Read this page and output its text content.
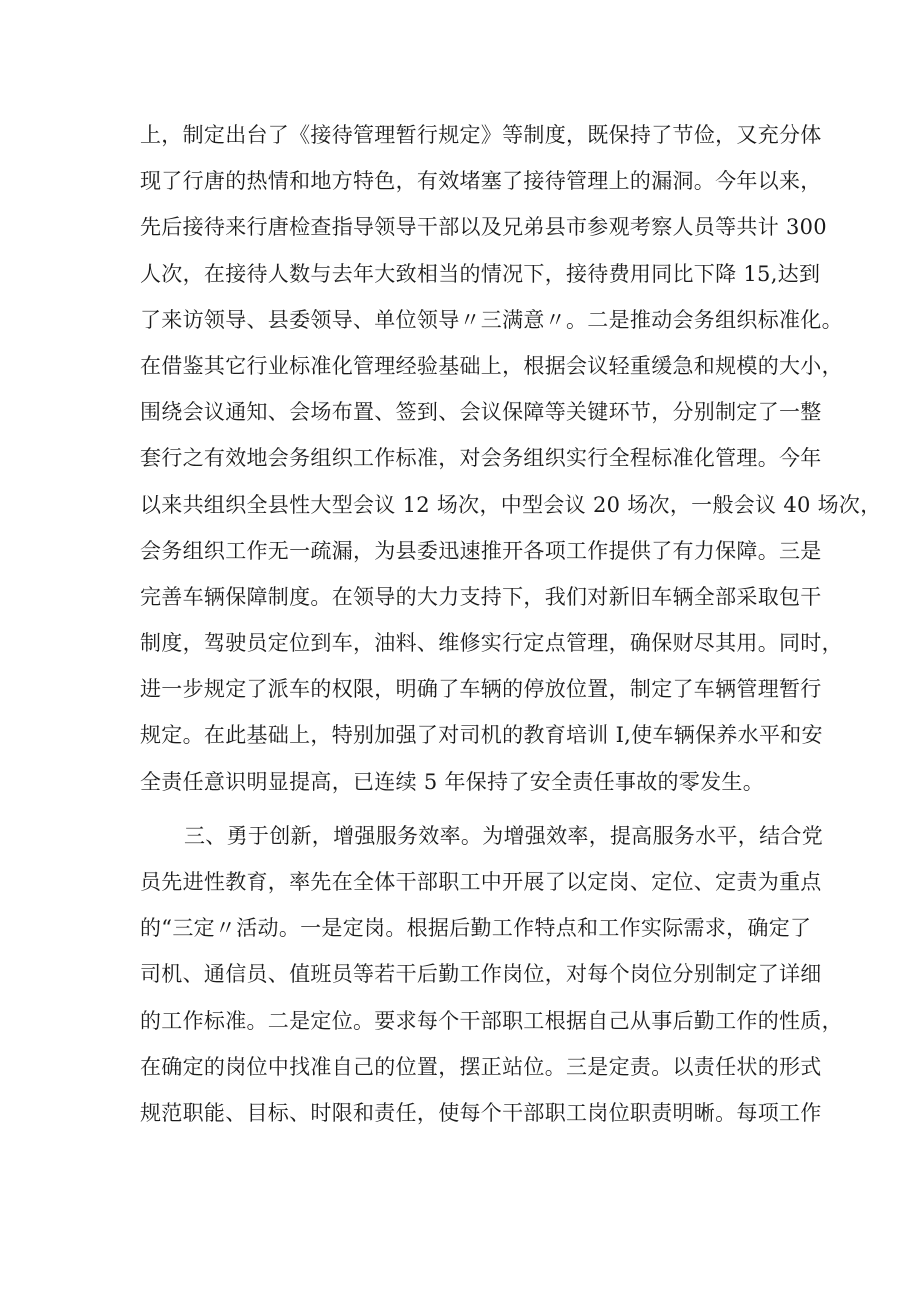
上，制定出台了《接待管理暂行规定》等制度，既保持了节俭，又充分体
现了行唐的热情和地方特色，有效堵塞了接待管理上的漏洞。今年以来，
先后接待来行唐检查指导领导干部以及兄弟县市参观考察人员等共计 300
人次，在接待人数与去年大致相当的情况下，接待费用同比下降 15,达到
了来访领导、县委领导、单位领导〃三满意〃。二是推动会务组织标准化。
在借鉴其它行业标准化管理经验基础上，根据会议轻重缓急和规模的大小，
围绕会议通知、会场布置、签到、会议保障等关键环节，分别制定了一整
套行之有效地会务组织工作标准，对会务组织实行全程标准化管理。今年
以来共组织全县性大型会议 12 场次，中型会议 20 场次，一般会议 40 场次，
会务组织工作无一疏漏，为县委迅速推开各项工作提供了有力保障。三是
完善车辆保障制度。在领导的大力支持下，我们对新旧车辆全部采取包干
制度，驾驶员定位到车，油料、维修实行定点管理，确保财尽其用。同时，
进一步规定了派车的权限，明确了车辆的停放位置，制定了车辆管理暂行
规定。在此基础上，特别加强了对司机的教育培训 I,使车辆保养水平和安
全责任意识明显提高，已连续 5 年保持了安全责任事故的零发生。
三、勇于创新，增强服务效率。为增强效率，提高服务水平，结合党
员先进性教育，率先在全体干部职工中开展了以定岗、定位、定责为重点
的“三定〃活动。一是定岗。根据后勤工作特点和工作实际需求，确定了
司机、通信员、值班员等若干后勤工作岗位，对每个岗位分别制定了详细
的工作标准。二是定位。要求每个干部职工根据自己从事后勤工作的性质，
在确定的岗位中找准自己的位置，摆正站位。三是定责。以责任状的形式
规范职能、目标、时限和责任，使每个干部职工岗位职责明晰。每项工作
